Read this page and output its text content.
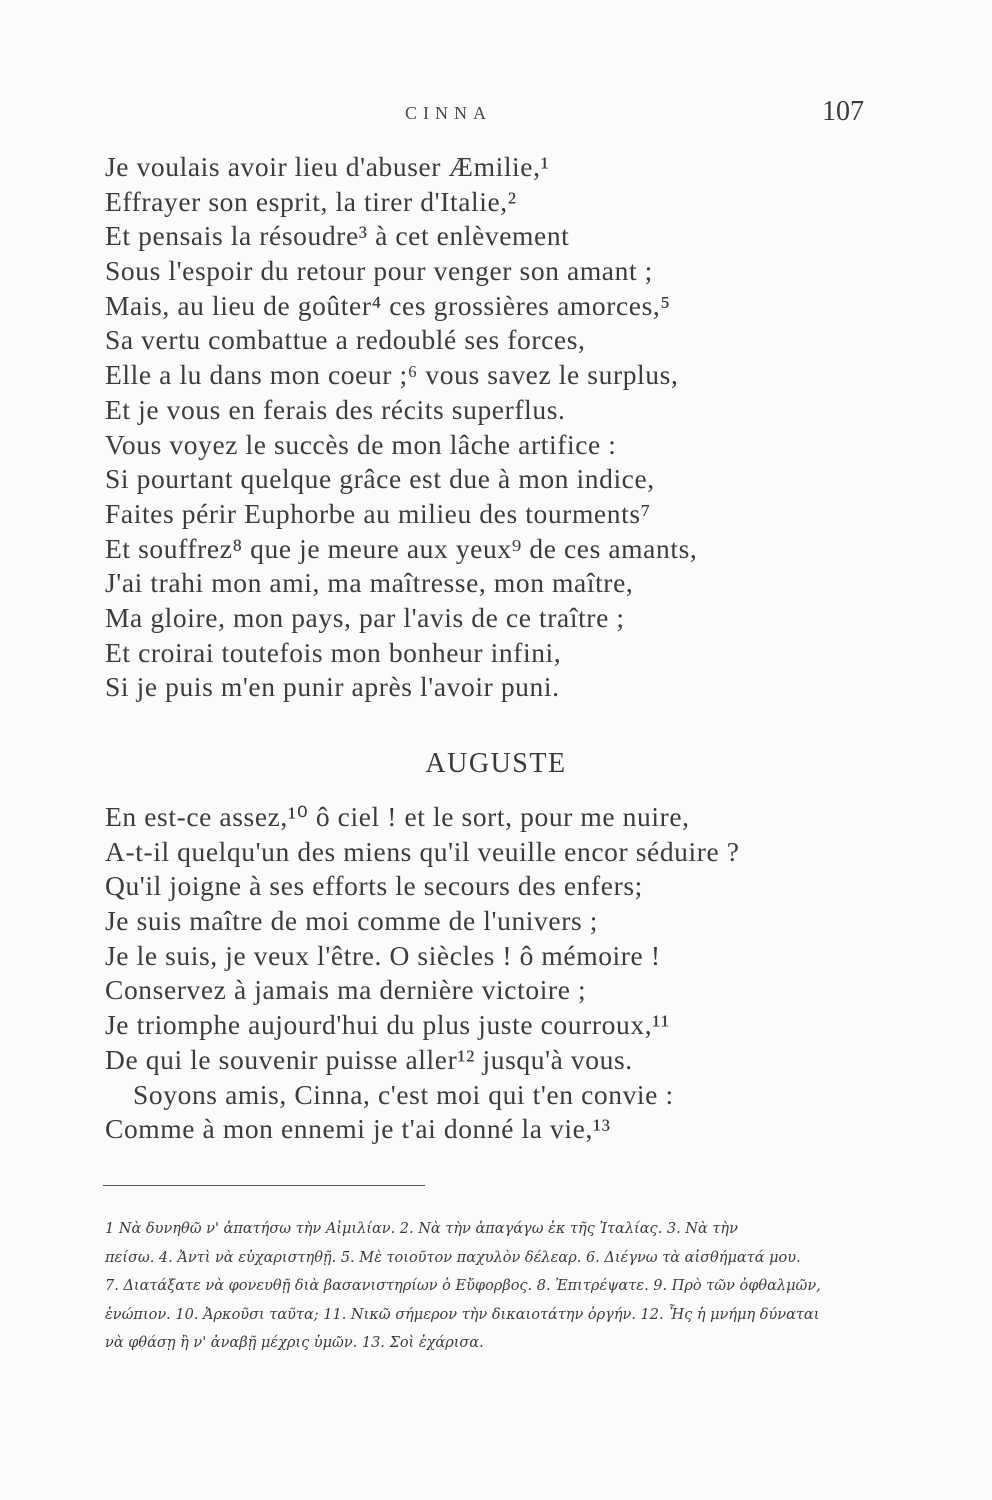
CINNA	107
Je voulais avoir lieu d'abuser Æmilie,¹
Effrayer son esprit, la tirer d'Italie,²
Et pensais la résoudre³ à cet enlèvement
Sous l'espoir du retour pour venger son amant ;
Mais, au lieu de goûter⁴ ces grossières amorces,⁵
Sa vertu combattue a redoublé ses forces,
Elle a lu dans mon coeur ;⁶ vous savez le surplus,
Et je vous en ferais des récits superflus.
Vous voyez le succès de mon lâche artifice :
Si pourtant quelque grâce est due à mon indice,
Faites périr Euphorbe au milieu des tourments⁷
Et souffrez⁸ que je meure aux yeux⁹ de ces amants,
J'ai trahi mon ami, ma maîtresse, mon maître,
Ma gloire, mon pays, par l'avis de ce traître ;
Et croirai toutefois mon bonheur infini,
Si je puis m'en punir après l'avoir puni.
AUGUSTE
En est-ce assez,¹⁰ ô ciel ! et le sort, pour me nuire,
A-t-il quelqu'un des miens qu'il veuille encor séduire ?
Qu'il joigne à ses efforts le secours des enfers;
Je suis maître de moi comme de l'univers ;
Je le suis, je veux l'être. O siècles ! ô mémoire !
Conservez à jamais ma dernière victoire ;
Je triomphe aujourd'hui du plus juste courroux,¹¹
De qui le souvenir puisse aller¹² jusqu'à vous.
Soyons amis, Cinna, c'est moi qui t'en convie :
Comme à mon ennemi je t'ai donné la vie,¹³
1 Νὰ δυνηθῶ ν' ἀπατήσω τὴν Αἰμιλίαν. 2. Νὰ τὴν ἀπαγάγω ἐκ τῆς Ἰταλίας. 3. Νὰ τὴν
πείσω. 4. Ἀντὶ νὰ εὐχαριστηθῇ. 5. Μὲ τοιοῦτον παχυλὸν δέλεαρ. 6. Διέγνω τὰ αἰσθήματά μου.
7. Διατάξατε νὰ φονευθῇ διὰ βασανιστηρίων ὁ Εὔφορβος. 8. Ἐπιτρέψατε. 9. Πρὸ τῶν ὀφθαλμῶν,
ἐνώπιον. 10. Ἀρκοῦσι ταῦτα; 11. Νικῶ σήμερον τὴν δικαιοτάτην ὀργήν. 12. Ἧς ἡ μνήμη δύναται
νὰ φθάσῃ ἢ ν' ἀναβῇ μέχρις ὑμῶν. 13. Σοὶ ἐχάρισα.
